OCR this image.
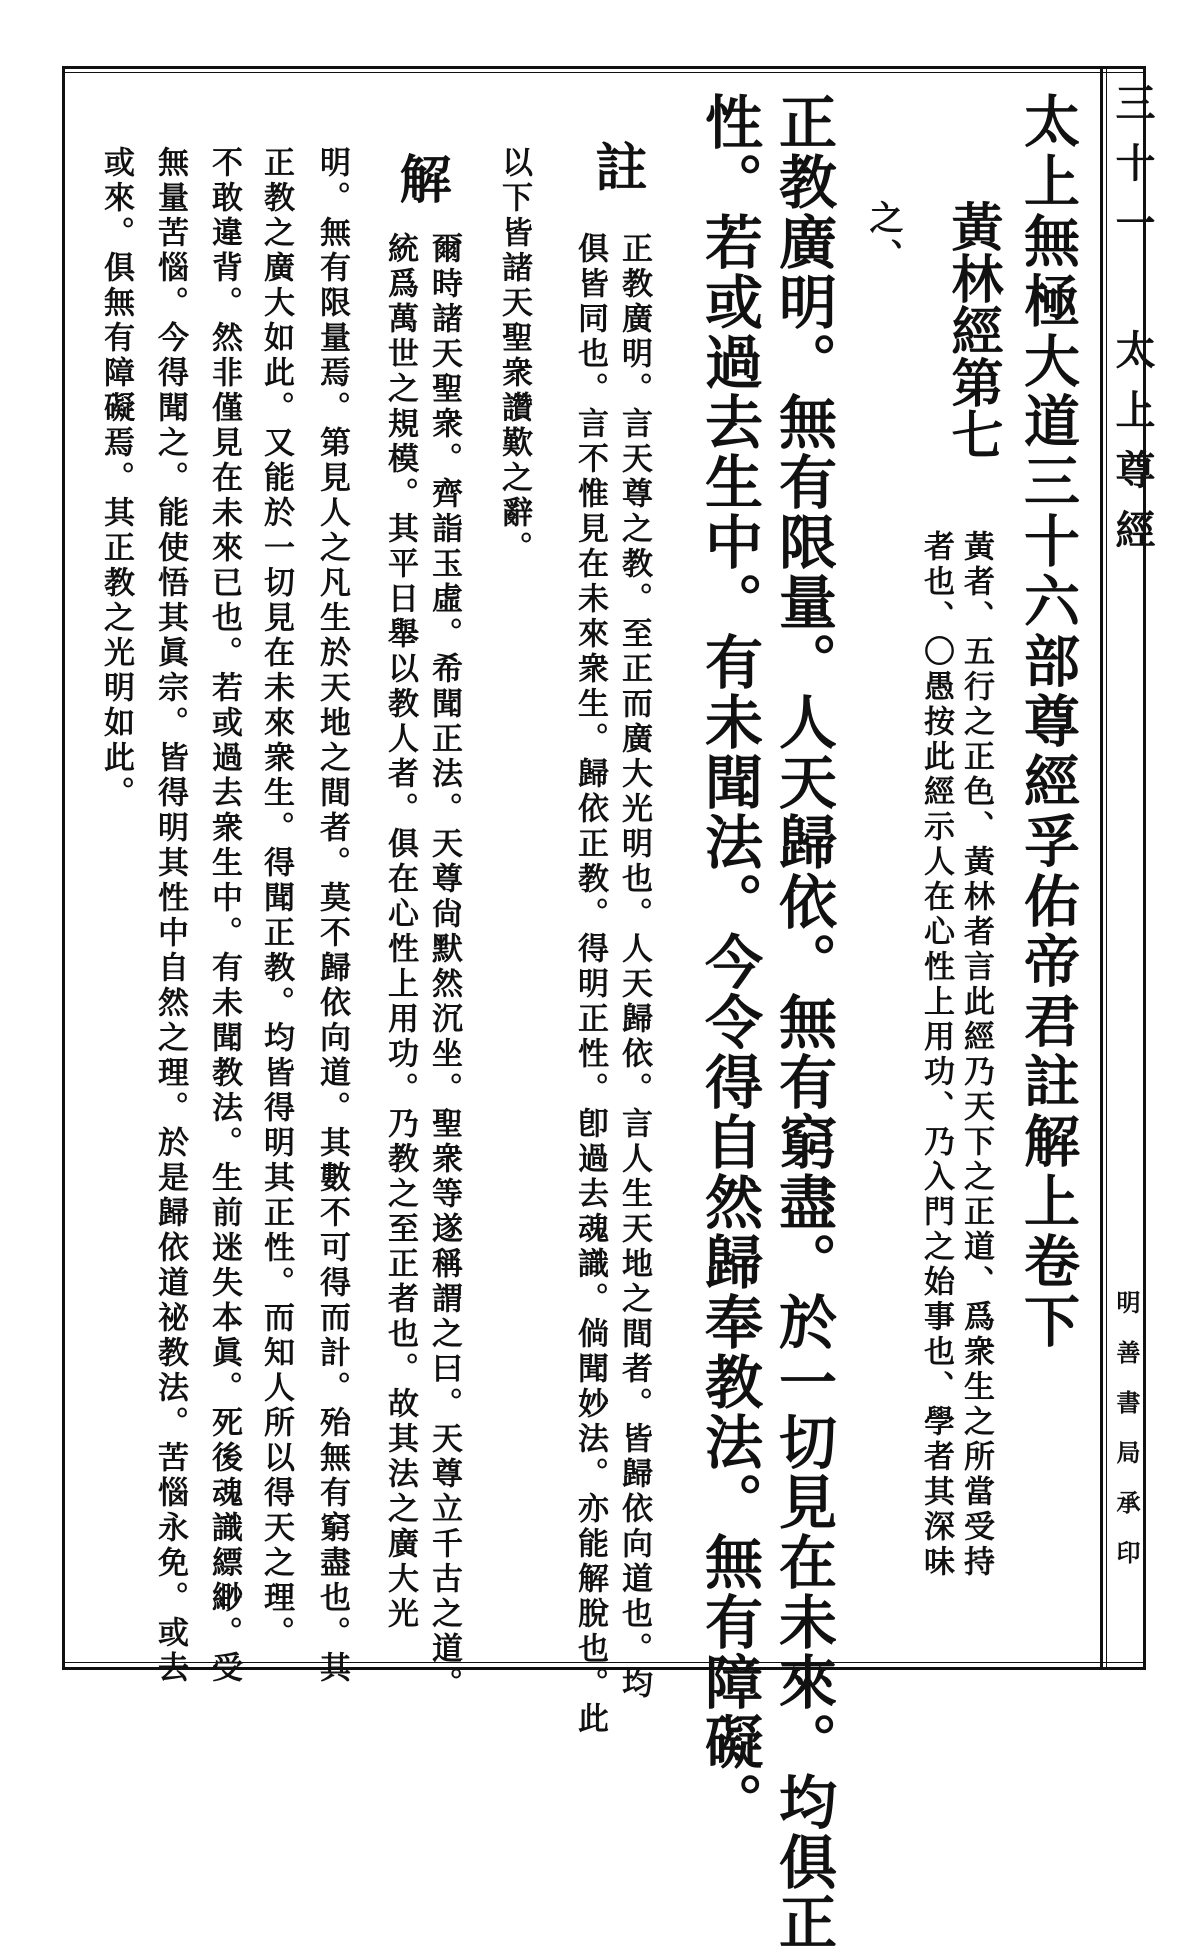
三十一 太上尊經

明善書局承印

太上無極大道三十六部尊經孚佑帝君註解上卷下
黃林經第七

黃者、五行之正色、黃林者言此經乃天下之正道、爲衆生之所當受持

者也、〇愚按此經示人在心性上用功、乃入門之始事也、學者其深味

之、

正教廣明。無有限量。人天歸依。無有窮盡。於一切見在未來。均俱正

性。若或過去生中。有未聞法。今令得自然歸奉教法。無有障礙。

註

正教廣明。言天尊之教。至正而廣大光明也。人天歸依。言人生天地之間者。皆歸依向道也。均

俱皆同也。言不惟見在未來衆生。歸依正教。得明正性。卽過去魂識。倘聞妙法。亦能解脫也。此

以下皆諸天聖衆讚歎之辭。

解

爾時諸天聖衆。齊詣玉虛。希聞正法。天尊尙默然沉坐。聖衆等遂稱謂之曰。天尊立千古之道。

統爲萬世之規模。其平日舉以教人者。俱在心性上用功。乃教之至正者也。故其法之廣大光

明。無有限量焉。第見人之凡生於天地之間者。莫不歸依向道。其數不可得而計。殆無有窮盡也。其

正教之廣大如此。又能於一切見在未來衆生。得聞正教。均皆得明其正性。而知人所以得天之理。

不敢違背。然非僅見在未來已也。若或過去衆生中。有未聞教法。生前迷失本眞。死後魂識縹緲。受

無量苦惱。今得聞之。能使悟其眞宗。皆得明其性中自然之理。於是歸依道祕教法。苦惱永免。或去

或來。俱無有障礙焉。其正教之光明如此。
